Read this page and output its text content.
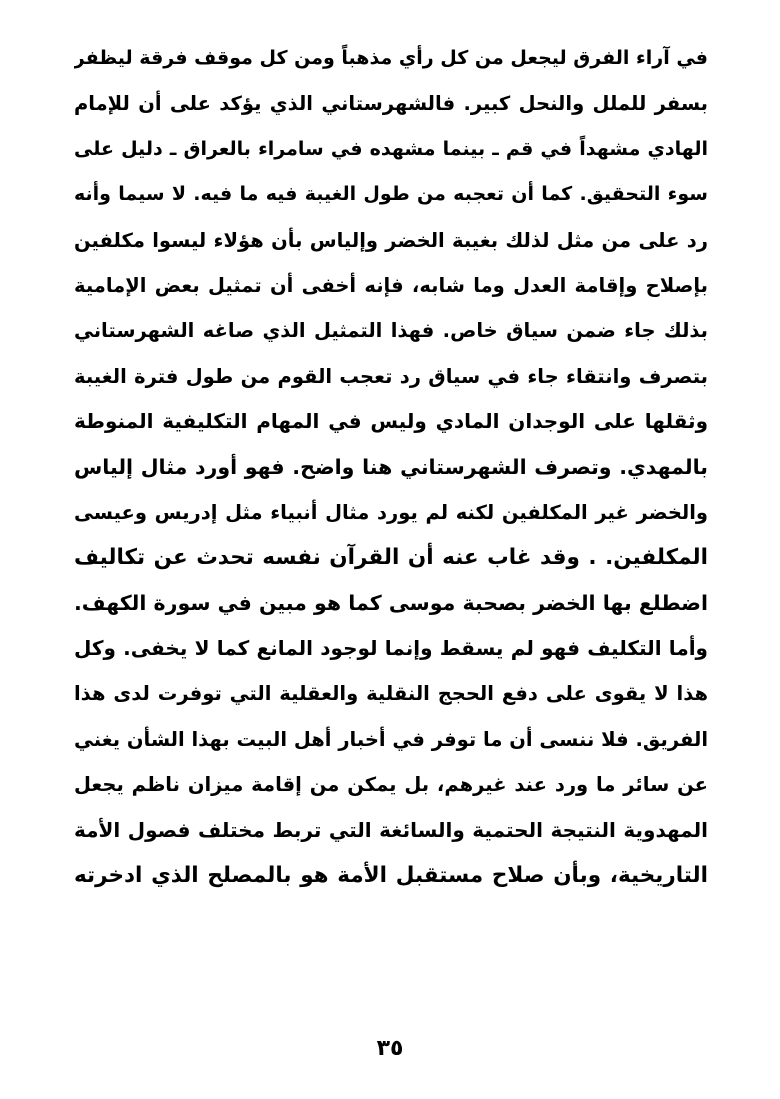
في آراء الفرق ليجعل من كل رأي مذهباً ومن كل موقف فرقة ليظفر
بسفر للملل والنحل كبير. فالشهرستاني الذي يؤكد على أن للإمام
الهادي مشهداً في قم ـ بينما مشهده في سامراء بالعراق ـ دليل على
سوء التحقيق. كما أن تعجبه من طول الغيبة فيه ما فيه. لا سيما وأنه
رد على من مثل لذلك بغيبة الخضر وإلياس بأن هؤلاء ليسوا مكلفين
بإصلاح وإقامة العدل وما شابه، فإنه أخفى أن تمثيل بعض الإمامية
بذلك جاء ضمن سياق خاص. فهذا التمثيل الذي صاغه الشهرستاني
بتصرف وانتقاء جاء في سياق رد تعجب القوم من طول فترة الغيبة
وثقلها على الوجدان المادي وليس في المهام التكليفية المنوطة
بالمهدي. وتصرف الشهرستاني هنا واضح. فهو أورد مثال إلياس
والخضر غير المكلفين لكنه لم يورد مثال أنبياء مثل إدريس وعيسى
المكلفين. . وقد غاب عنه أن القرآن نفسه تحدث عن تكاليف
اضطلع بها الخضر بصحبة موسى كما هو مبين في سورة الكهف.
وأما التكليف فهو لم يسقط وإنما لوجود المانع كما لا يخفى. وكل
هذا لا يقوى على دفع الحجج النقلية والعقلية التي توفرت لدى هذا
الفريق. فلا ننسى أن ما توفر في أخبار أهل البيت بهذا الشأن يغني
عن سائر ما ورد عند غيرهم، بل يمكن من إقامة ميزان ناظم يجعل
المهدوية النتيجة الحتمية والسائغة التي تربط مختلف فصول الأمة
التاريخية، وبأن صلاح مستقبل الأمة هو بالمصلح الذي ادخرته
٣٥
